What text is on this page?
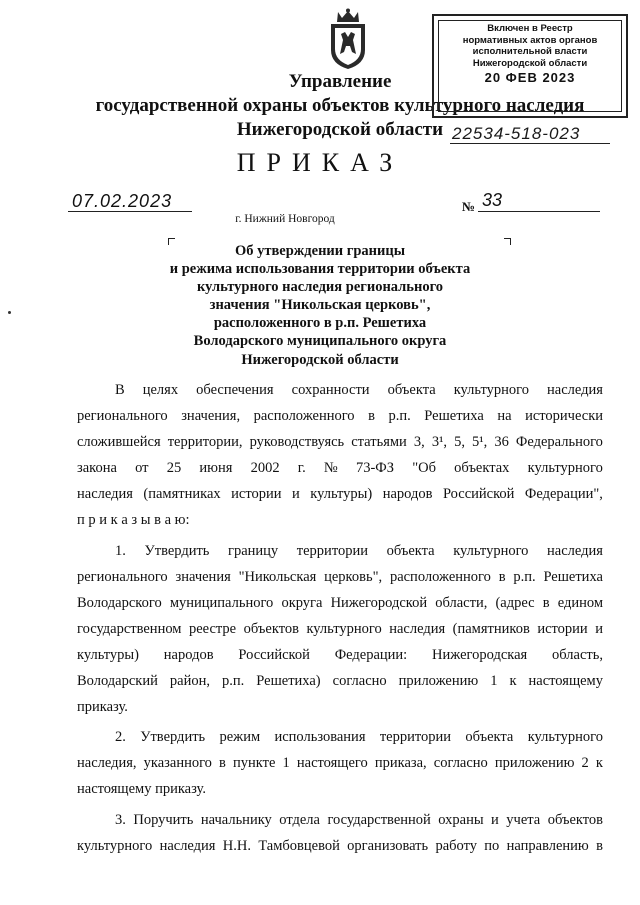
Управление
государственной охраны объектов культурного наследия
Нижегородской области
Включен в Реестр
нормативных актов органов
исполнительной власти
Нижегородской области
20 ФЕВ 2023
22534-518-023
ПРИКАЗ
07.02.2023	№ 33
г. Нижний Новгород
Об утверждении границы
и режима использования территории объекта
культурного наследия регионального
значения "Никольская церковь",
расположенного в р.п. Решетиха
Володарского муниципального округа
Нижегородской области
В целях обеспечения сохранности объекта культурного наследия
регионального значения, расположенного в р.п. Решетиха на исторически
сложившейся территории, руководствуясь статьями 3, 3¹, 5, 5¹, 36 Федерального
закона от 25 июня 2002 г. № 73-ФЗ "Об объектах культурного
наследия (памятниках истории и культуры) народов Российской Федерации",
п р и к а з ы в а ю:
1. Утвердить границу территории объекта культурного наследия
регионального значения "Никольская церковь", расположенного в р.п. Решетиха
Володарского муниципального округа Нижегородской области, (адрес в едином
государственном реестре объектов культурного наследия (памятников истории и
культуры) народов Российской Федерации: Нижегородская область,
Володарский район, р.п. Решетиха) согласно приложению 1 к настоящему
приказу.
2. Утвердить режим использования территории объекта культурного
наследия, указанного в пункте 1 настоящего приказа, согласно приложению 2 к
настоящему приказу.
3. Поручить начальнику отдела государственной охраны и учета объектов
культурного наследия Н.Н. Тамбовцевой организовать работу по направлению в
